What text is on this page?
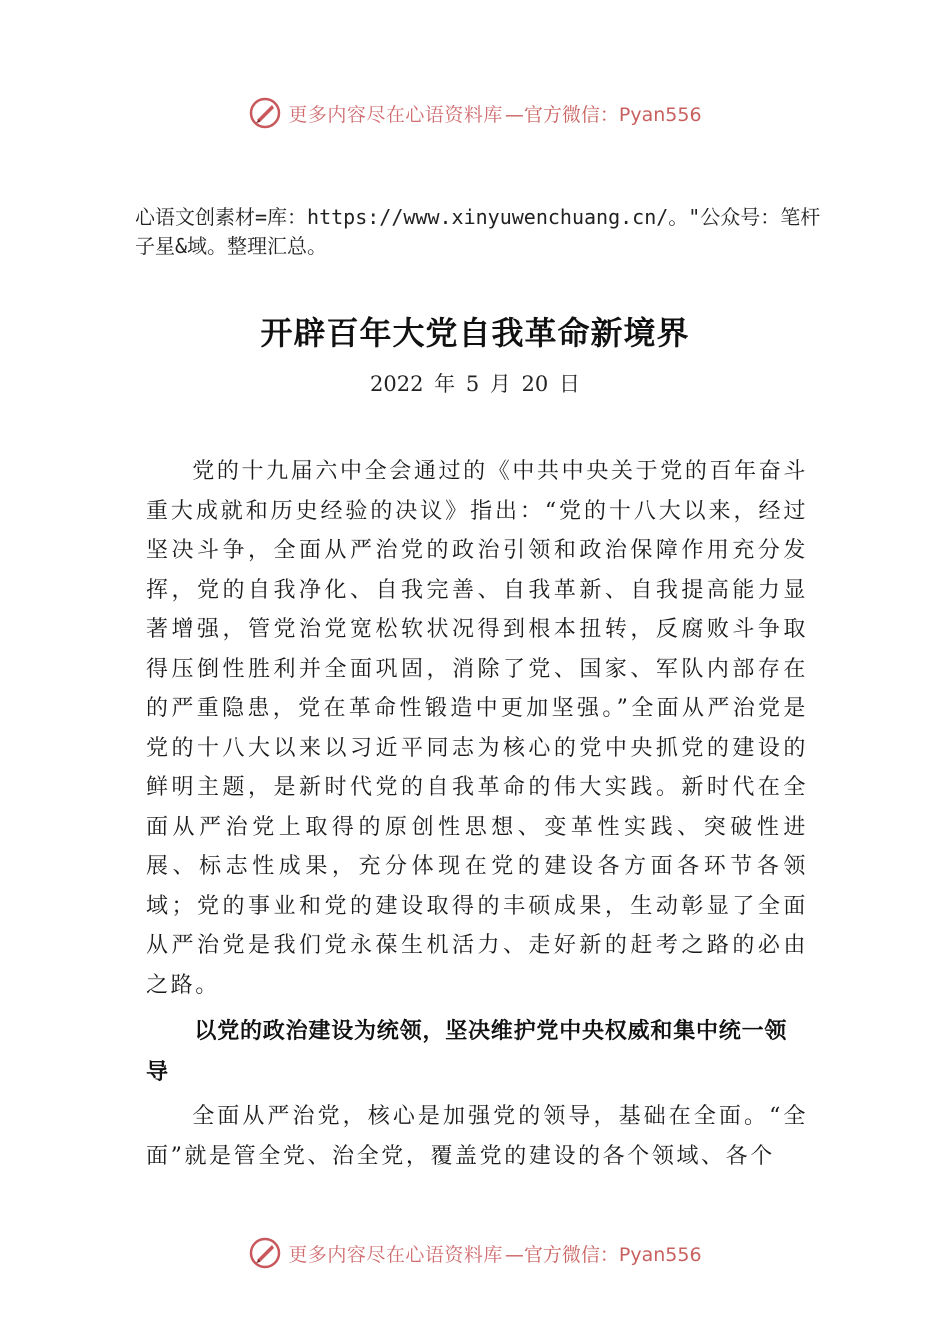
更多内容尽在心语资料库 —官方微信：Pyan556
心语文创素材=库：https://www.xinyuwenchuang.cn/。"公众号：笔杆子星&域。整理汇总。
开辟百年大党自我革命新境界
2022 年 5 月 20 日

党的十九届六中全会通过的《中共中央关于党的百年奋斗重大成就和历史经验的决议》指出：“党的十八大以来，经过坚决斗争，全面从严治党的政治引领和政治保障作用充分发挥，党的自我净化、自我完善、自我革新、自我提高能力显著增强，管党治党宽松软状况得到根本扭转，反腐败斗争取得压倒性胜利并全面巩固，消除了党、国家、军队内部存在的严重隐患，党在革命性锻造中更加坚强。”全面从严治党是党的十八大以来以习近平同志为核心的党中央抓党的建设的鲜明主题，是新时代党的自我革命的伟大实践。新时代在全面从严治党上取得的原创性思想、变革性实践、突破性进展、标志性成果，充分体现在党的建设各方面各环节各领域；党的事业和党的建设取得的丰硕成果，生动彰显了全面从严治党是我们党永葆生机活力、走好新的赶考之路的必由之路。

以党的政治建设为统领，坚决维护党中央权威和集中统一领导

全面从严治党，核心是加强党的领导，基础在全面。“全面”就是管全党、治全党，覆盖党的建设的各个领域、各个

更多内容尽在心语资料库 —官方微信：Pyan556
